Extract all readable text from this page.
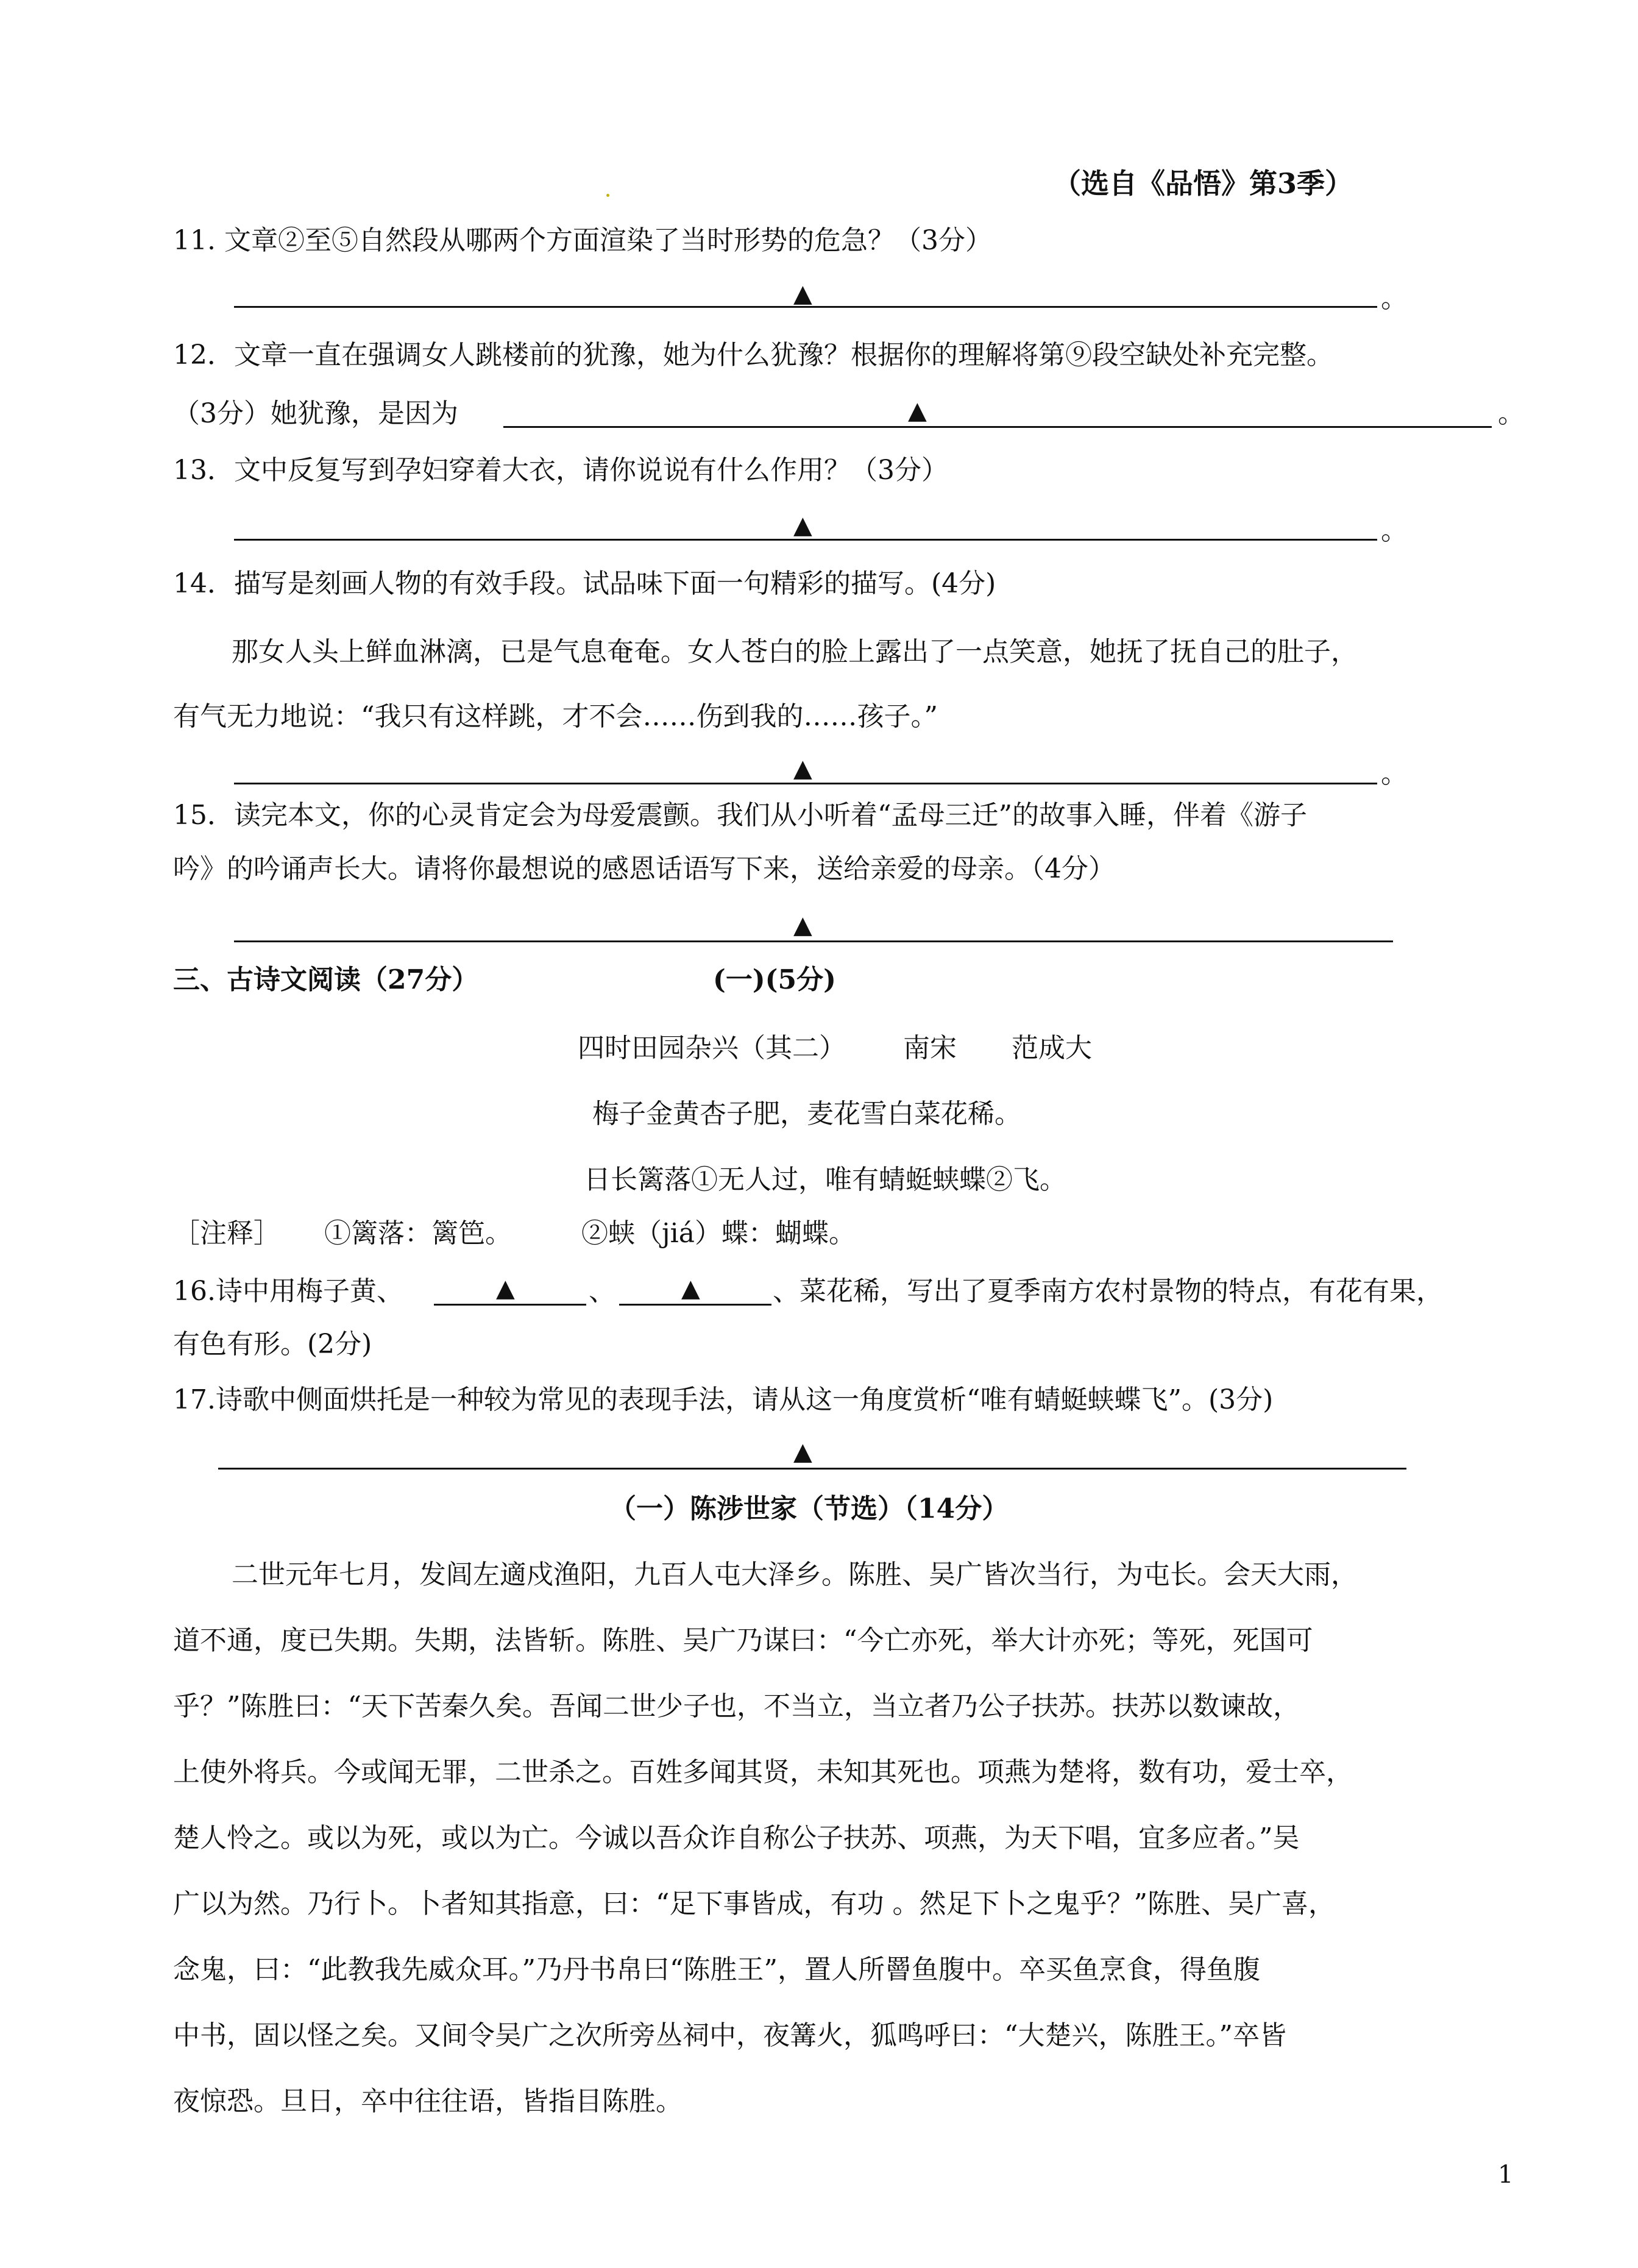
（选自《品悟》第3季）
11. 文章②至⑤自然段从哪两个方面渲染了当时形势的危急？（3分）
▲	。
12．文章一直在强调女人跳楼前的犹豫，她为什么犹豫？根据你的理解将第⑨段空缺处补充完整。
（3分）她犹豫，是因为	▲	。
13．文中反复写到孕妇穿着大衣，请你说说有什么作用？（3分）
▲	。
14．描写是刻画人物的有效手段。试品味下面一句精彩的描写。(4分)
那女人头上鲜血淋漓，已是气息奄奄。女人苍白的脸上露出了一点笑意，她抚了抚自己的肚子，
有气无力地说：“我只有这样跳，才不会……伤到我的……孩子。”
▲	。
15．读完本文，你的心灵肯定会为母爱震颤。我们从小听着“孟母三迁”的故事入睡，伴着《游子
吟》的吟诵声长大。请将你最想说的感恩话语写下来，送给亲爱的母亲。（4分）
▲
三、古诗文阅读（27分）	(一)(5分)
四时田园杂兴（其二） 南宋 范成大
梅子金黄杏子肥，麦花雪白菜花稀。
日长篱落①无人过，唯有蜻蜓蛱蝶②飞。
［注释］ ①篱落：篱笆。	②蛱（jiá）蝶：蝴蝶。
16.诗中用梅子黄、	▲	、	▲	、菜花稀，写出了夏季南方农村景物的特点，有花有果，
有色有形。(2分)
17.诗歌中侧面烘托是一种较为常见的表现手法，请从这一角度赏析“唯有蜻蜓蛱蝶飞”。(3分)
▲
（一）陈涉世家（节选）（14分）
二世元年七月，发闾左適戍渔阳，九百人屯大泽乡。陈胜、吴广皆次当行，为屯长。会天大雨，
道不通，度已失期。失期，法皆斩。陈胜、吴广乃谋曰：“今亡亦死，举大计亦死；等死，死国可
乎？”陈胜曰：“天下苦秦久矣。吾闻二世少子也，不当立，当立者乃公子扶苏。扶苏以数谏故，
上使外将兵。今或闻无罪，二世杀之。百姓多闻其贤，未知其死也。项燕为楚将，数有功，爱士卒，
楚人怜之。或以为死，或以为亡。今诚以吾众诈自称公子扶苏、项燕，为天下唱，宜多应者。”吴
广以为然。乃行卜。卜者知其指意，曰：“足下事皆成，有功 。然足下卜之鬼乎？”陈胜、吴广喜，
念鬼，曰：“此教我先威众耳。”乃丹书帛曰“陈胜王”，置人所罾鱼腹中。卒买鱼烹食，得鱼腹
中书，固以怪之矣。又间令吴广之次所旁丛祠中，夜篝火，狐鸣呼曰：“大楚兴，陈胜王。”卒皆
夜惊恐。旦日，卒中往往语，皆指目陈胜。
1
